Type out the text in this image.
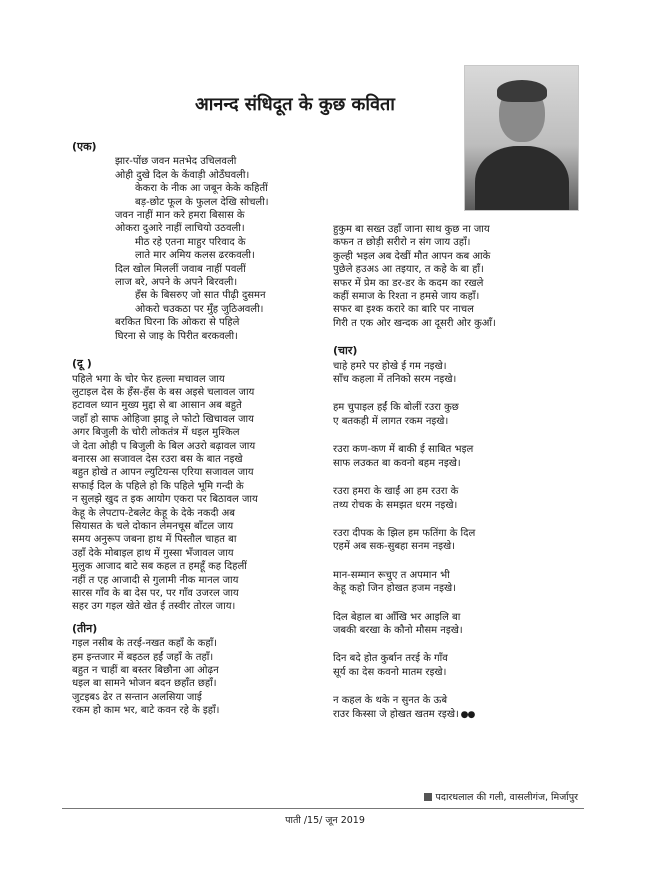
आनन्द संधिदूत के कुछ कविता

(एक)

झार-पोंछ जवन मतभेद उचिलवली

ओही दुखे दिल के केंवाड़ी ओठँघवली।

केकरा के नीक आ जबून केके कहितीं

बड़-छोट फूल के फुलल देखि सोचली।

जवन नाहीं मान करे हमरा बिसास के

ओकरा दुआरे नाहीं लाचियो उठवली।

मीठ रहे एतना माहुर परिवाद के

लाते मार अमिय कलस ढरकवली।

दिल खोल मिललीं जवाब नाहीं पवलीं

लाज बरे, अपने के अपने बिरवली।

हँस के बिसरुए जो सात पीढ़ी दुसमन

ओकरो चउकठा पर मुँह जुठिअवली।

बरकित घिरना कि ओकरा से पहिले

घिरना से जाइ के पिरीत बरकवली।

(दू )

पहिले भगा के चोर फेर हल्ला मचावल जाय

लुटाइल देस के हँस-हँस के बस अइसे चलावल जाय

हटावल ध्यान मुख्य मुद्दा से बा आसान अब बहुते

जहाँ हो साफ ओहिजा झाडू ले फोटो खिचावल जाय

अगर बिजुली के चोरी लोकतंत्र में धइल मुश्किल

जे देता ओही प बिजुली के बिल अउरो बढ़ावल जाय

बनारस आ सजावल देस रउरा बस के बात नइखे

बहुत होखे त आपन ल्युटियन्स एरिया सजावल जाय

सफाई दिल के पहिले हो कि पहिले भूमि गन्दी के

न सुलझे खुद त इक आयोग एकरा पर बिठावल जाय

केहू के लेपटाप-टेबलेट केहू के देके नकदी अब

सियासत के चले दोकान लेमनचूस बाँटल जाय

समय अनुरूप जबना हाथ में पिस्तौल चाहत बा

उहाँ देके मोबाइल हाथ में गुस्सा भँजावल जाय

मुलुक आजाद बाटे सब कहल त हमहूँ कह दिहलीं

नहीं त एह आजादी से गुलामी नीक मानल जाय

सारस गाँव के बा देस पर, पर गाँव उजरल जाय

सहर उग गइल खेते खेत ई तस्वीर तोरल जाय।

(तीन)

गइल नसीब के तरई-नखत कहाँ के कहाँ।

हम इन्तजार में बइठल हईं जहाँ के तहाँ।

बहुत न चाहीं बा बस्तर बिछौना आ ओढ़न

धइल बा सामने भोजन बदन छहाँत छहाँ।

जुटइबऽ ढेर त सन्तान अलसिया जाई

रकम हो काम भर, बाटे कवन रहे के इहाँ।

हुकुम बा सख्त उहाँ जाना साथ कुछ ना जाय

कफन त छोड़ी सरीरो न संग जाय उहाँ।

कुल्ही भइल अब देखीं मौत आपन कब आके

पुछेले हउअऽ आ तइयार, त कहे के बा हाँ।

सफर में प्रेम का डर-डर के कदम का रखले

कहीं समाज के रिश्ता न हमसे जाय कहाँ।

सफर बा इश्क करारे का बारि पर नाचल

गिरी त एक ओर खन्दक आ दूसरी ओर कुआँ।

(चार)

चाहे हमरे पर होखे ई गम नइखे।

साँच कहला में तनिको सरम नइखे।

हम चुपाइल हईं कि बोलीं रउरा कुछ

ए बतकही में लागत रकम नइखे।

रउरा कण-कण में बाकी ई साबित भइल

साफ लउकत बा कवनो बहम नइखे।

रउरा हमरा के खाईं आ हम रउरा के

तथ्य रोचक के समझत धरम नइखे।

रउरा दीपक के झिल हम फतिंगा के दिल

एहमें अब सक-सुबहा सनम नइखे।

मान-सम्मान रूचुए त अपमान भी

केहू कहो जिन होखत हजम नइखे।

दिल बेहाल बा आँखि भर आइलि बा

जबकी बरखा के कौनो मौसम नइखे।

दिन बदे होत कुर्बान तरई के गाँव

सूर्य का देस कवनो मातम रइखे।

न कहल के थके न सुनत के ऊबे

राउर किस्सा जे होखत खतम रइखे। ●●

पदारधलाल की गली, वासलीगंज, मिर्जापुर
पाती /15/ जून 2019
